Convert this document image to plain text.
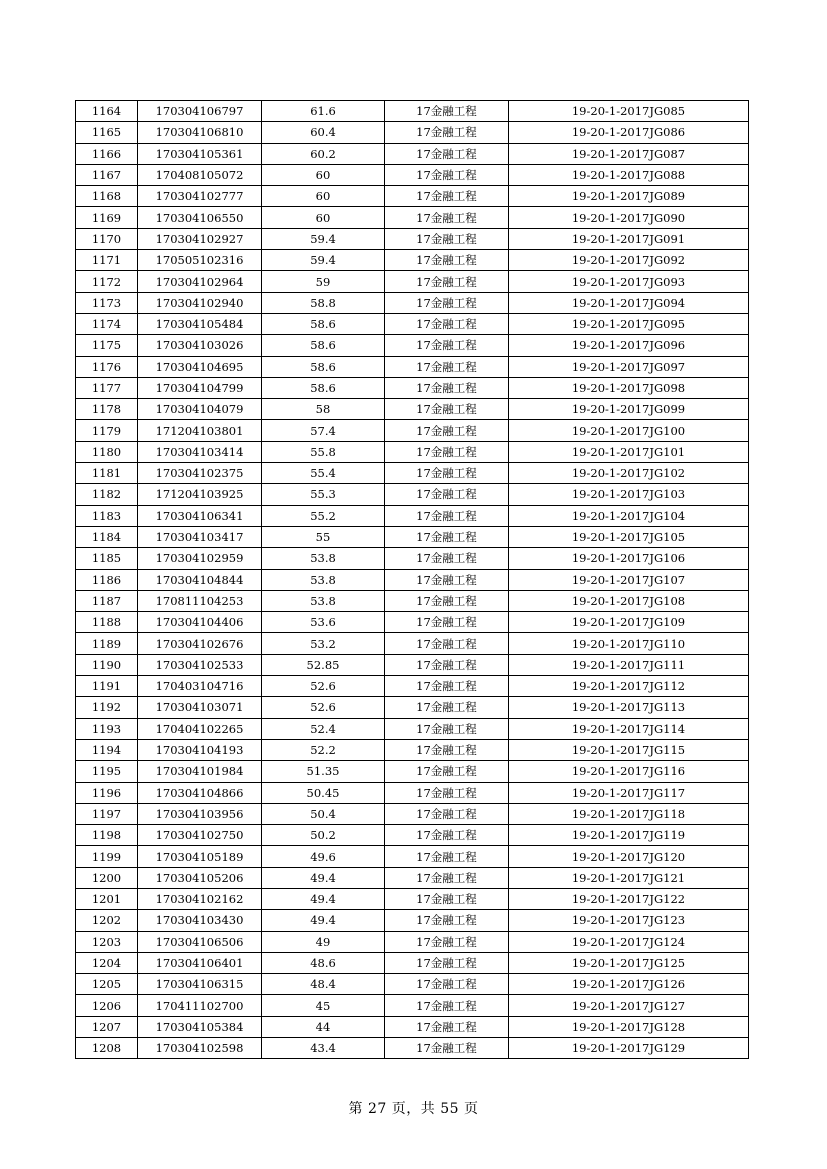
1164	170304106797	61.6	17金融工程	19-20-1-2017JG085
1165	170304106810	60.4	17金融工程	19-20-1-2017JG086
1166	170304105361	60.2	17金融工程	19-20-1-2017JG087
1167	170408105072	60	17金融工程	19-20-1-2017JG088
1168	170304102777	60	17金融工程	19-20-1-2017JG089
1169	170304106550	60	17金融工程	19-20-1-2017JG090
1170	170304102927	59.4	17金融工程	19-20-1-2017JG091
1171	170505102316	59.4	17金融工程	19-20-1-2017JG092
1172	170304102964	59	17金融工程	19-20-1-2017JG093
1173	170304102940	58.8	17金融工程	19-20-1-2017JG094
1174	170304105484	58.6	17金融工程	19-20-1-2017JG095
1175	170304103026	58.6	17金融工程	19-20-1-2017JG096
1176	170304104695	58.6	17金融工程	19-20-1-2017JG097
1177	170304104799	58.6	17金融工程	19-20-1-2017JG098
1178	170304104079	58	17金融工程	19-20-1-2017JG099
1179	171204103801	57.4	17金融工程	19-20-1-2017JG100
1180	170304103414	55.8	17金融工程	19-20-1-2017JG101
1181	170304102375	55.4	17金融工程	19-20-1-2017JG102
1182	171204103925	55.3	17金融工程	19-20-1-2017JG103
1183	170304106341	55.2	17金融工程	19-20-1-2017JG104
1184	170304103417	55	17金融工程	19-20-1-2017JG105
1185	170304102959	53.8	17金融工程	19-20-1-2017JG106
1186	170304104844	53.8	17金融工程	19-20-1-2017JG107
1187	170811104253	53.8	17金融工程	19-20-1-2017JG108
1188	170304104406	53.6	17金融工程	19-20-1-2017JG109
1189	170304102676	53.2	17金融工程	19-20-1-2017JG110
1190	170304102533	52.85	17金融工程	19-20-1-2017JG111
1191	170403104716	52.6	17金融工程	19-20-1-2017JG112
1192	170304103071	52.6	17金融工程	19-20-1-2017JG113
1193	170404102265	52.4	17金融工程	19-20-1-2017JG114
1194	170304104193	52.2	17金融工程	19-20-1-2017JG115
1195	170304101984	51.35	17金融工程	19-20-1-2017JG116
1196	170304104866	50.45	17金融工程	19-20-1-2017JG117
1197	170304103956	50.4	17金融工程	19-20-1-2017JG118
1198	170304102750	50.2	17金融工程	19-20-1-2017JG119
1199	170304105189	49.6	17金融工程	19-20-1-2017JG120
1200	170304105206	49.4	17金融工程	19-20-1-2017JG121
1201	170304102162	49.4	17金融工程	19-20-1-2017JG122
1202	170304103430	49.4	17金融工程	19-20-1-2017JG123
1203	170304106506	49	17金融工程	19-20-1-2017JG124
1204	170304106401	48.6	17金融工程	19-20-1-2017JG125
1205	170304106315	48.4	17金融工程	19-20-1-2017JG126
1206	170411102700	45	17金融工程	19-20-1-2017JG127
1207	170304105384	44	17金融工程	19-20-1-2017JG128
1208	170304102598	43.4	17金融工程	19-20-1-2017JG129
第 27 页，共 55 页
